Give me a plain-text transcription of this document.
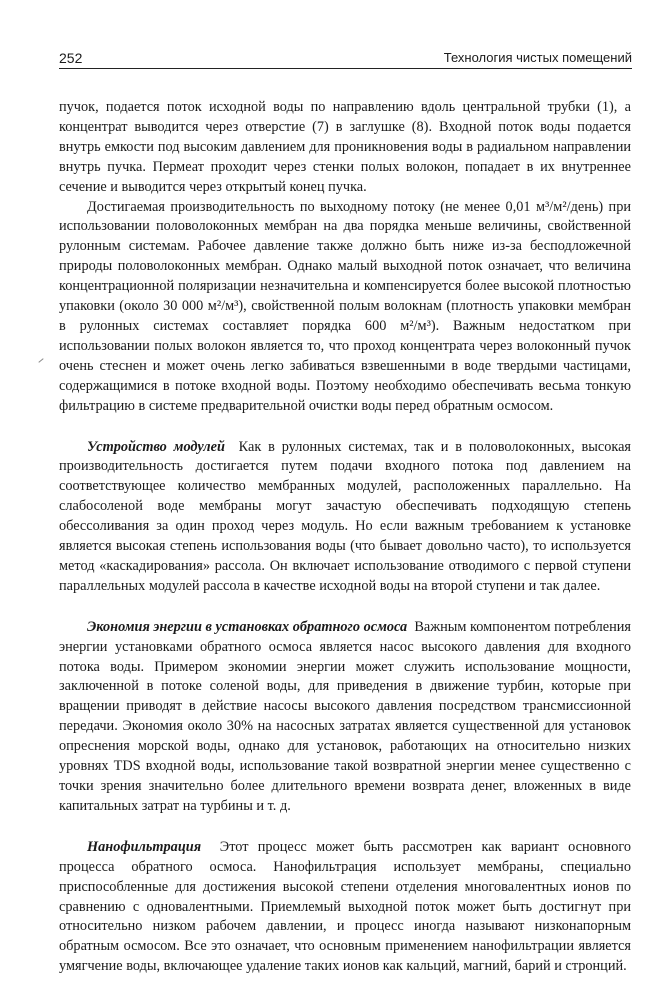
252	Технология чистых помещений

пучок, подается поток исходной воды по направлению вдоль центральной трубки (1), а концентрат выводится через отверстие (7) в заглушке (8). Входной поток воды подается внутрь емкости под высоким давлением для проникновения воды в радиальном направлении внутрь пучка. Пермеат проходит через стенки полых волокон, попадает в их внутреннее сечение и выводится через открытый конец пучка.

Достигаемая производительность по выходному потоку (не менее 0,01 м³/м²/день) при использовании половолоконных мембран на два порядка меньше величины, свойственной рулонным системам. Рабочее давление также должно быть ниже из-за бесподложечной природы половолоконных мембран. Однако малый выходной поток означает, что величина концентрационной поляризации незначительна и компенсируется более высокой плотностью упаковки (около 30 000 м²/м³), свойственной полым волокнам (плотность упаковки мембран в рулонных системах составляет порядка 600 м²/м³). Важным недостатком при использовании полых волокон является то, что проход концентрата через волоконный пучок очень стеснен и может очень легко забиваться взвешенными в воде твердыми частицами, содержащимися в потоке входной воды. Поэтому необходимо обеспечивать весьма тонкую фильтрацию в системе предварительной очистки воды перед обратным осмосом.

Устройство модулей Как в рулонных системах, так и в половолоконных, высокая производительность достигается путем подачи входного потока под давлением на соответствующее количество мембранных модулей, расположенных параллельно. На слабосоленой воде мембраны могут зачастую обеспечивать подходящую степень обессоливания за один проход через модуль. Но если важным требованием к установке является высокая степень использования воды (что бывает довольно часто), то используется метод «каскадирования» рассола. Он включает использование отводимого с первой ступени параллельных модулей рассола в качестве исходной воды на второй ступени и так далее.

Экономия энергии в установках обратного осмоса Важным компонентом потребления энергии установками обратного осмоса является насос высокого давления для входного потока воды. Примером экономии энергии может служить использование мощности, заключенной в потоке соленой воды, для приведения в движение турбин, которые при вращении приводят в действие насосы высокого давления посредством трансмиссионной передачи. Экономия около 30% на насосных затратах является существенной для установок опреснения морской воды, однако для установок, работающих на относительно низких уровнях TDS входной воды, использование такой возвратной энергии менее существенно с точки зрения значительно более длительного времени возврата денег, вложенных в виде капитальных затрат на турбины и т. д.

Нанофильтрация Этот процесс может быть рассмотрен как вариант основного процесса обратного осмоса. Нанофильтрация использует мембраны, специально приспособленные для достижения высокой степени отделения многовалентных ионов по сравнению с одновалентными. Приемлемый выходной поток может быть достигнут при относительно низком рабочем давлении, и процесс иногда называют низконапорным обратным осмосом. Все это означает, что основным применением нанофильтрации является умягчение воды, включающее удаление таких ионов как кальций, магний, барий и стронций.
